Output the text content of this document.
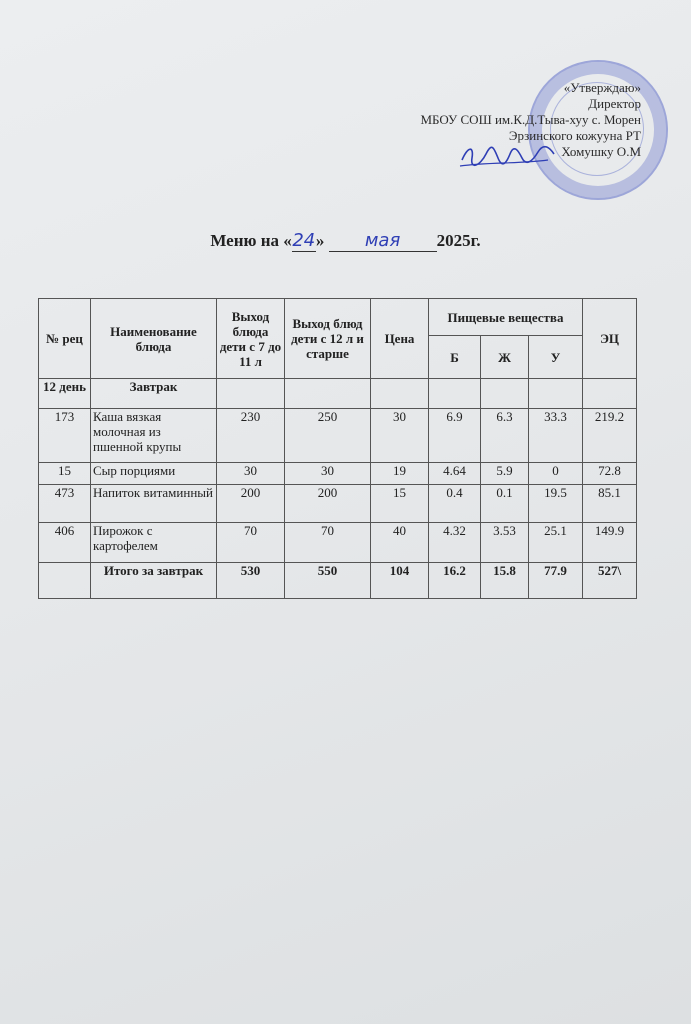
«Утверждаю»
Директор
МБОУ СОШ им.К.Д.Тыва-хуу с. Морен
Эрзинского кожууна РТ
Хомушку О.М
Меню на «24» мая 2025г.
№ рец	Наименование блюда	Выход блюда дети с 7 до 11 л	Выход блюд дети с 12 л и старше	Цена	Пищевые вещества			ЭЦ
					Б	Ж	У	
12 день	Завтрак							
173	Каша вязкая молочная из пшенной крупы	230	250	30	6.9	6.3	33.3	219.2
15	Сыр порциями	30	30	19	4.64	5.9	0	72.8
473	Напиток витаминный	200	200	15	0.4	0.1	19.5	85.1
406	Пирожок с картофелем	70	70	40	4.32	3.53	25.1	149.9
	Итого за завтрак	530	550	104	16.2	15.8	77.9	527\
